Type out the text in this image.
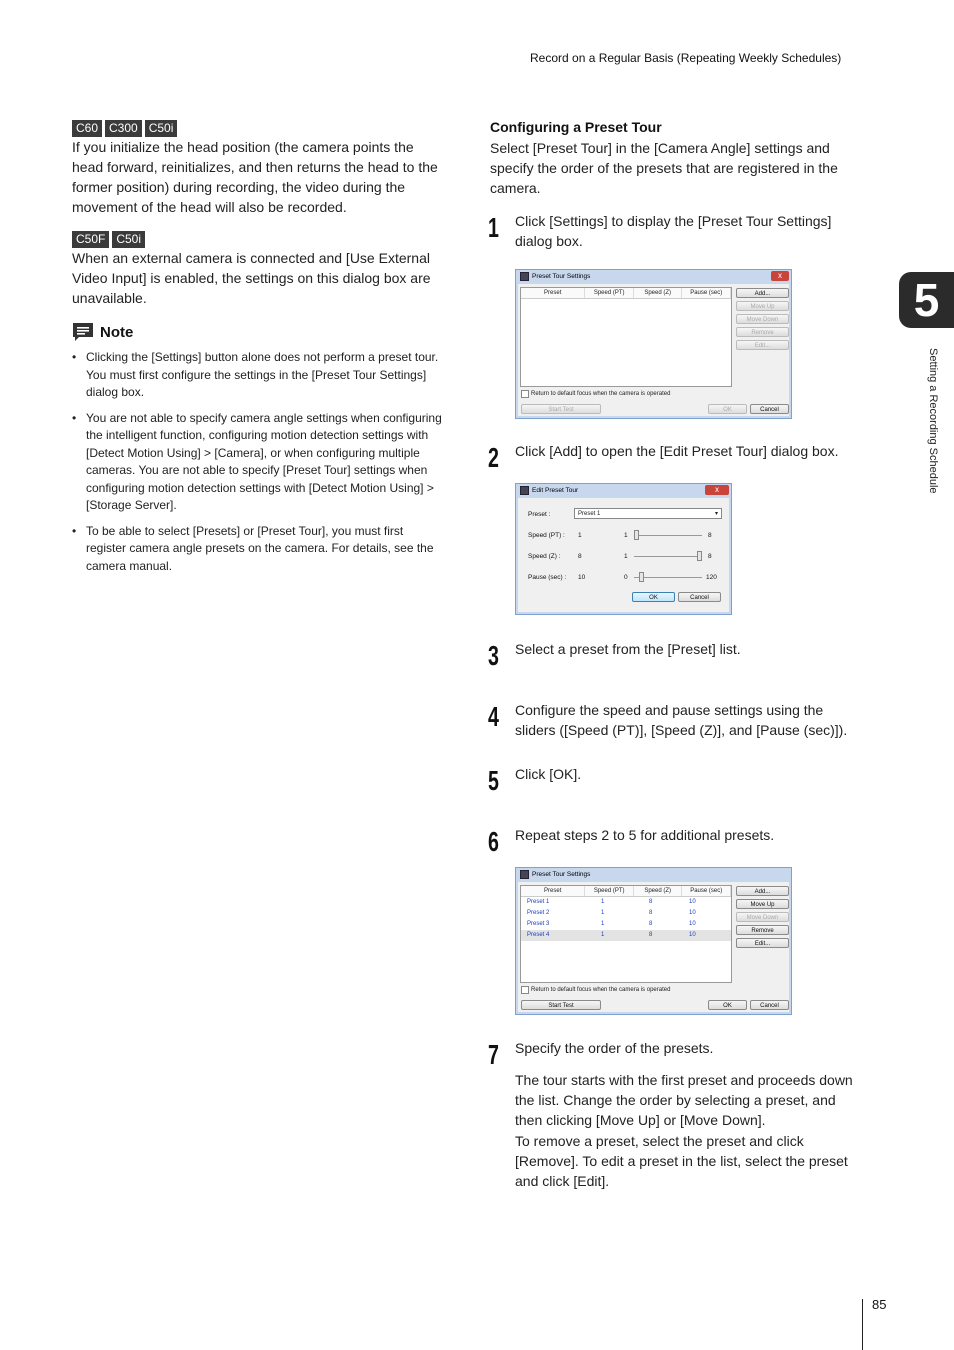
Record on a Regular Basis (Repeating Weekly Schedules)
5
Setting a Recording Schedule
C60 C300 C50i
If you initialize the head position (the camera points the head forward, reinitializes, and then returns the head to the former position) during recording, the video during the movement of the head will also be recorded.
C50F C50i
When an external camera is connected and [Use External Video Input] is enabled, the settings on this dialog box are unavailable.
Note
• Clicking the [Settings] button alone does not perform a preset tour. You must first configure the settings in the [Preset Tour Settings] dialog box.
• You are not able to specify camera angle settings when configuring the intelligent function, configuring motion detection settings with [Detect Motion Using] > [Camera], or when configuring multiple cameras. You are not able to specify [Preset Tour] settings when configuring motion detection settings with [Detect Motion Using] > [Storage Server].
• To be able to select [Presets] or [Preset Tour], you must first register camera angle presets on the camera. For details, see the camera manual.
Configuring a Preset Tour
Select [Preset Tour] in the [Camera Angle] settings and specify the order of the presets that are registered in the camera.
1 Click [Settings] to display the [Preset Tour Settings] dialog box.
Preset Tour Settings	x
Preset	Speed (PT)	Speed (Z)	Pause (sec)	Add...
Move Up
Move Down
Remove
Edit...
Return to default focus when the camera is operated
Start Test	OK	Cancel
2 Click [Add] to open the [Edit Preset Tour] dialog box.
Edit Preset Tour	x
Preset :	Preset 1	▾
Speed (PT) : 1	1	8
Speed (Z) :	8	1	8
Pause (sec) : 10	0	120
OK	Cancel
3 Select a preset from the [Preset] list.
4 Configure the speed and pause settings using the sliders ([Speed (PT)], [Speed (Z)], and [Pause (sec)]).
5 Click [OK].
6 Repeat steps 2 to 5 for additional presets.
Preset Tour Settings
Preset	Speed (PT)	Speed (Z)	Pause (sec)
Preset 1	1	8	10
Preset 2	1	8	10
Preset 3	1	8	10
Preset 4	1	8	10
Add...
Move Up
Move Down
Remove
Edit...
Return to default focus when the camera is operated
Start Test	OK	Cancel
7 Specify the order of the presets.
The tour starts with the first preset and proceeds down the list. Change the order by selecting a preset, and then clicking [Move Up] or [Move Down].
To remove a preset, select the preset and click [Remove]. To edit a preset in the list, select the preset and click [Edit].
85
